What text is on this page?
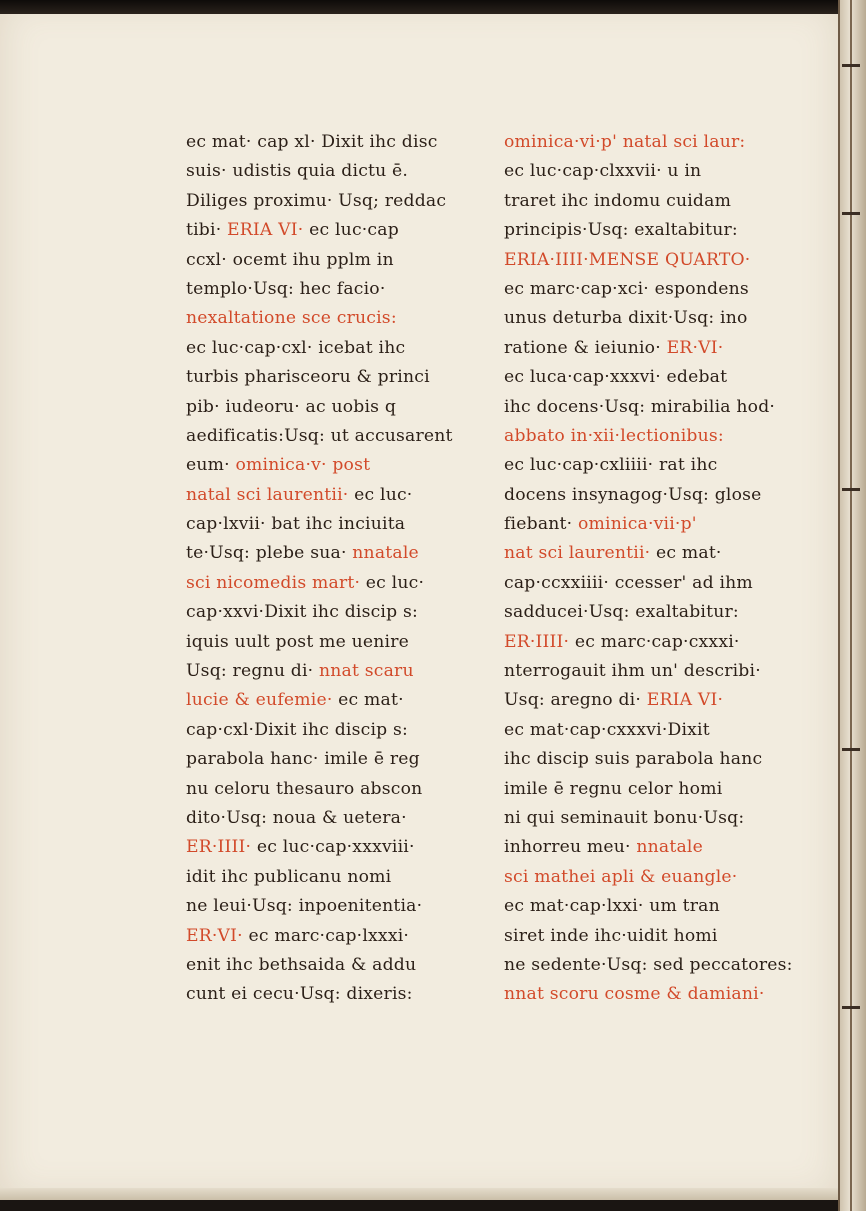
ec mat· cap xl· Dixit ihc disc
suis· udistis quia dictu ē.
Diliges proximu· Usq; reddac
tibi· ERIA VI· ec luc·cap
ccxl· ocemt ihu pplm in
templo·Usq: hec facio·
nexaltatione sce crucis:
ec luc·cap·cxl· icebat ihc
turbis pharisceoru & princi
pib· iudeoru· ac uobis q
aedificatis:Usq: ut accusarent
eum· ominica·v· post
natal sci laurentii· ec luc·
cap·lxvii· bat ihc inciuita
te·Usq: plebe sua· nnatale
sci nicomedis mart· ec luc·
cap·xxvi·Dixit ihc discip s:
iquis uult post me uenire
Usq: regnu di· nnat scaru
lucie & eufemie· ec mat·
cap·cxl·Dixit ihc discip s:
parabola hanc· imile ē reg
nu celoru thesauro abscon
dito·Usq: noua & uetera·
ER·IIII· ec luc·cap·xxxviii·
idit ihc publicanu nomi
ne leui·Usq: inpoenitentia·
ER·VI· ec marc·cap·lxxxi·
enit ihc bethsaida & addu
cunt ei cecu·Usq: dixeris:
ominica·vi·p' natal sci laur:
ec luc·cap·clxxvii· u in
traret ihc indomu cuidam
principis·Usq: exaltabitur:
ERIA·IIII·MENSE QUARTO·
ec marc·cap·xci· espondens
unus deturba dixit·Usq: ino
ratione & ieiunio· ER·VI·
ec luca·cap·xxxvi· edebat
ihc docens·Usq: mirabilia hod·
abbato in·xii·lectionibus:
ec luc·cap·cxliiii· rat ihc
docens insynagog·Usq: glose
fiebant· ominica·vii·p'
nat sci laurentii· ec mat·
cap·ccxxiiii· ccesser' ad ihm
sadducei·Usq: exaltabitur:
ER·IIII· ec marc·cap·cxxxi·
nterrogauit ihm un' describi·
Usq: aregno di· ERIA VI·
ec mat·cap·cxxxvi·Dixit
ihc discip suis parabola hanc
imile ē regnu celor homi
ni qui seminauit bonu·Usq:
inhorreu meu· nnatale
sci mathei apli & euangle·
ec mat·cap·lxxi· um tran
siret inde ihc·uidit homi
ne sedente·Usq: sed peccatores:
nnat scoru cosme & damiani·
